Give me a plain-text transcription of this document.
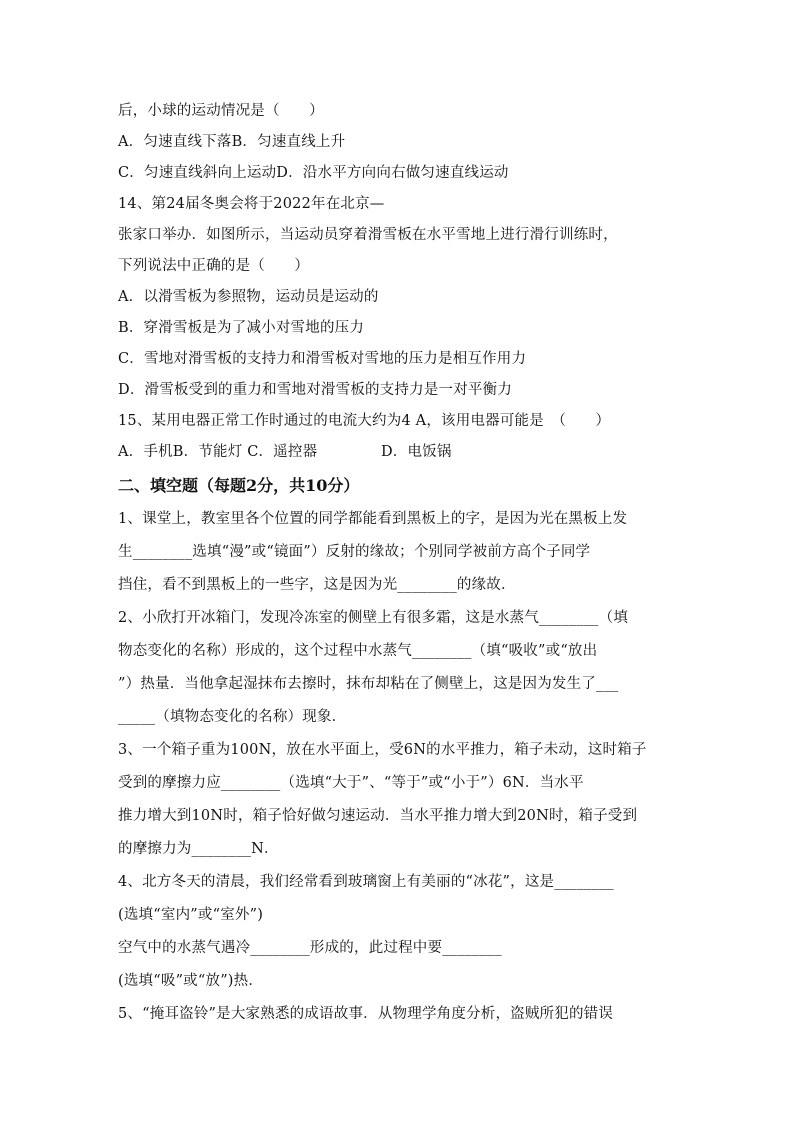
后，小球的运动情况是（　　）
A．匀速直线下落B．匀速直线上升
C．匀速直线斜向上运动D．沿水平方向向右做匀速直线运动
14、第24届冬奥会将于2022年在北京—
张家口举办．如图所示，当运动员穿着滑雪板在水平雪地上进行滑行训练时，
下列说法中正确的是（　　）
A．以滑雪板为参照物，运动员是运动的
B．穿滑雪板是为了减小对雪地的压力
C．雪地对滑雪板的支持力和滑雪板对雪地的压力是相互作用力
D．滑雪板受到的重力和雪地对滑雪板的支持力是一对平衡力
15、某用电器正常工作时通过的电流大约为4 A，该用电器可能是　（　　）
A．手机B．节能灯 C．遥控器　　　　 D．电饭锅
二、填空题（每题2分，共10分）
1、课堂上，教室里各个位置的同学都能看到黑板上的字，是因为光在黑板上发
生________选填“漫”或“镜面”）反射的缘故；个别同学被前方高个子同学
挡住，看不到黑板上的一些字，这是因为光________的缘故．
2、小欣打开冰箱门，发现冷冻室的侧壁上有很多霜，这是水蒸气________（填
物态变化的名称）形成的，这个过程中水蒸气________（填“吸收”或“放出
”）热量．当他拿起湿抹布去擦时，抹布却粘在了侧壁上，这是因为发生了___
_____（填物态变化的名称）现象．
3、一个箱子重为100N，放在水平面上，受6N的水平推力，箱子未动，这时箱子
受到的摩擦力应________（选填“大于”、“等于”或“小于”）6N．当水平
推力增大到10N时，箱子恰好做匀速运动．当水平推力增大到20N时，箱子受到
的摩擦力为________N．
4、北方冬天的清晨，我们经常看到玻璃窗上有美丽的“冰花”，这是________
(选填“室内”或“室外”)
空气中的水蒸气遇冷________形成的，此过程中要________
(选填“吸”或“放”)热．
5、“掩耳盗铃”是大家熟悉的成语故事．从物理学角度分析，盗贼所犯的错误
